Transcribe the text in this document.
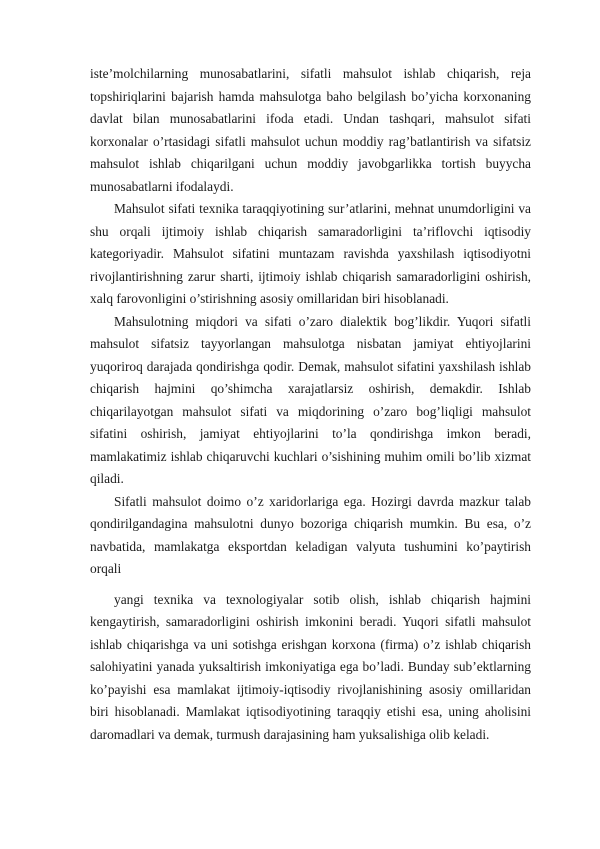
iste’molchilarning munosabatlarini, sifatli mahsulot ishlab chiqarish, reja topshiriqlarini bajarish hamda mahsulotga baho belgilash bo’yicha korxonaning davlat bilan munosabatlarini ifoda etadi. Undan tashqari, mahsulot sifati korxonalar o’rtasidagi sifatli mahsulot uchun moddiy rag’batlantirish va sifatsiz mahsulot ishlab chiqarilgani uchun moddiy javobgarlikka tortish buyycha munosabatlarni ifodalaydi.

Mahsulot sifati texnika taraqqiyotining sur’atlarini, mehnat unumdorligini va shu orqali ijtimoiy ishlab chiqarish samaradorligini ta’riflovchi iqtisodiy kategoriyadir. Mahsulot sifatini muntazam ravishda yaxshilash iqtisodiyotni rivojlantirishning zarur sharti, ijtimoiy ishlab chiqarish samaradorligini oshirish, xalq farovonligini o’stirishning asosiy omillaridan biri hisoblanadi.

Mahsulotning miqdori va sifati o’zaro dialektik bog’likdir. Yuqori sifatli mahsulot sifatsiz tayyorlangan mahsulotga nisbatan jamiyat ehtiyojlarini yuqoriroq darajada qondirishga qodir. Demak, mahsulot sifatini yaxshilash ishlab chiqarish hajmini qo’shimcha xarajatlarsiz oshirish, demakdir. Ishlab chiqarilayotgan mahsulot sifati va miqdorining o’zaro bog’liqligi mahsulot sifatini oshirish, jamiyat ehtiyojlarini to’la qondirishga imkon beradi, mamlakatimiz ishlab chiqaruvchi kuchlari o’sishining muhim omili bo’lib xizmat qiladi.

Sifatli mahsulot doimo o’z xaridorlariga ega. Hozirgi davrda mazkur talab qondirilgandagina mahsulotni dunyo bozoriga chiqarish mumkin. Bu esa, o’z navbatida, mamlakatga eksportdan keladigan valyuta tushumini ko’paytirish orqali

yangi texnika va texnologiyalar sotib olish, ishlab chiqarish hajmini kengaytirish, samaradorligini oshirish imkonini beradi. Yuqori sifatli mahsulot ishlab chiqarishga va uni sotishga erishgan korxona (firma) o’z ishlab chiqarish salohiyatini yanada yuksaltirish imkoniyatiga ega bo’ladi. Bunday sub’ektlarning ko’payishi esa mamlakat ijtimoiy-iqtisodiy rivojlanishining asosiy omillaridan biri hisoblanadi. Mamlakat iqtisodiyotining taraqqiy etishi esa, uning aholisini daromadlari va demak, turmush darajasining ham yuksalishiga olib keladi.
